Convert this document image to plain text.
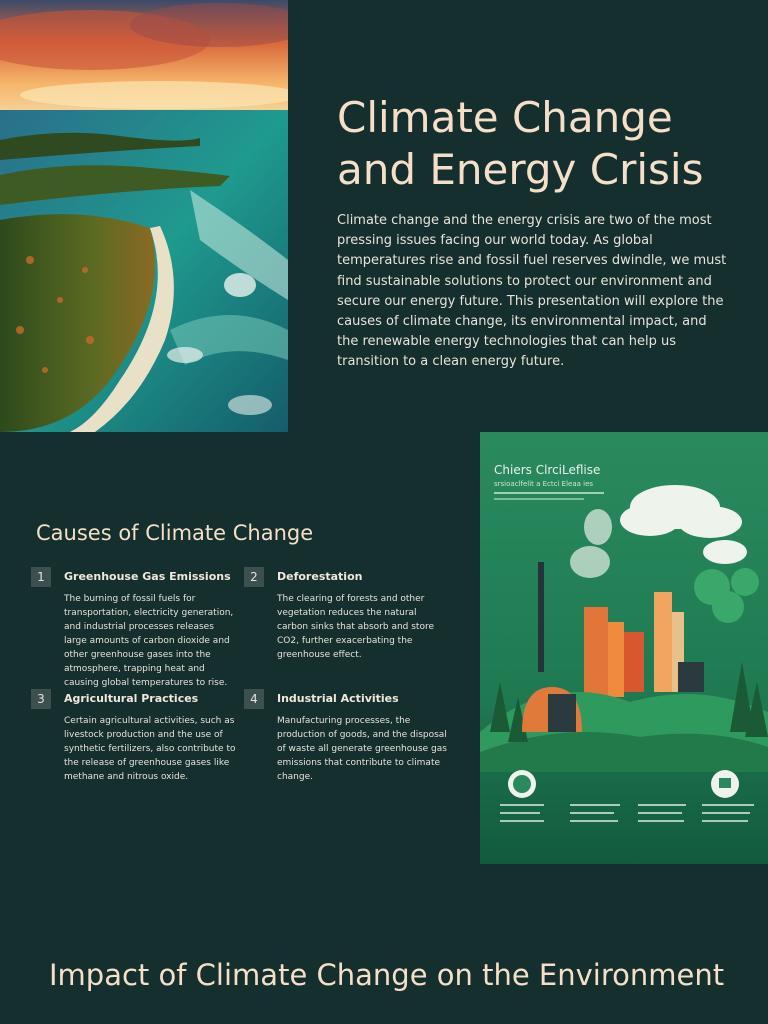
Climate Change
and Energy Crisis

Climate change and the energy crisis are two of the most pressing issues facing our world today. As global temperatures rise and fossil fuel reserves dwindle, we must find sustainable solutions to protect our environment and secure our energy future. This presentation will explore the causes of climate change, its environmental impact, and the renewable energy technologies that can help us transition to a clean energy future.

Causes of Climate Change
1	Greenhouse Gas Emissions

The burning of fossil fuels for transportation, electricity generation, and industrial processes releases large amounts of carbon dioxide and other greenhouse gases into the atmosphere, trapping heat and causing global temperatures to rise.

2	Deforestation

The clearing of forests and other vegetation reduces the natural carbon sinks that absorb and store CO2, further exacerbating the greenhouse effect.

3	Agricultural Practices

Certain agricultural activities, such as livestock production and the use of synthetic fertilizers, also contribute to the release of greenhouse gases like methane and nitrous oxide.

4	Industrial Activities

Manufacturing processes, the production of goods, and the disposal of waste all generate greenhouse gas emissions that contribute to climate change.

Chiers ClrciLeflise
srsioaclfelit a Ectci Eleaa ies
Impact of Climate Change on the Environment
